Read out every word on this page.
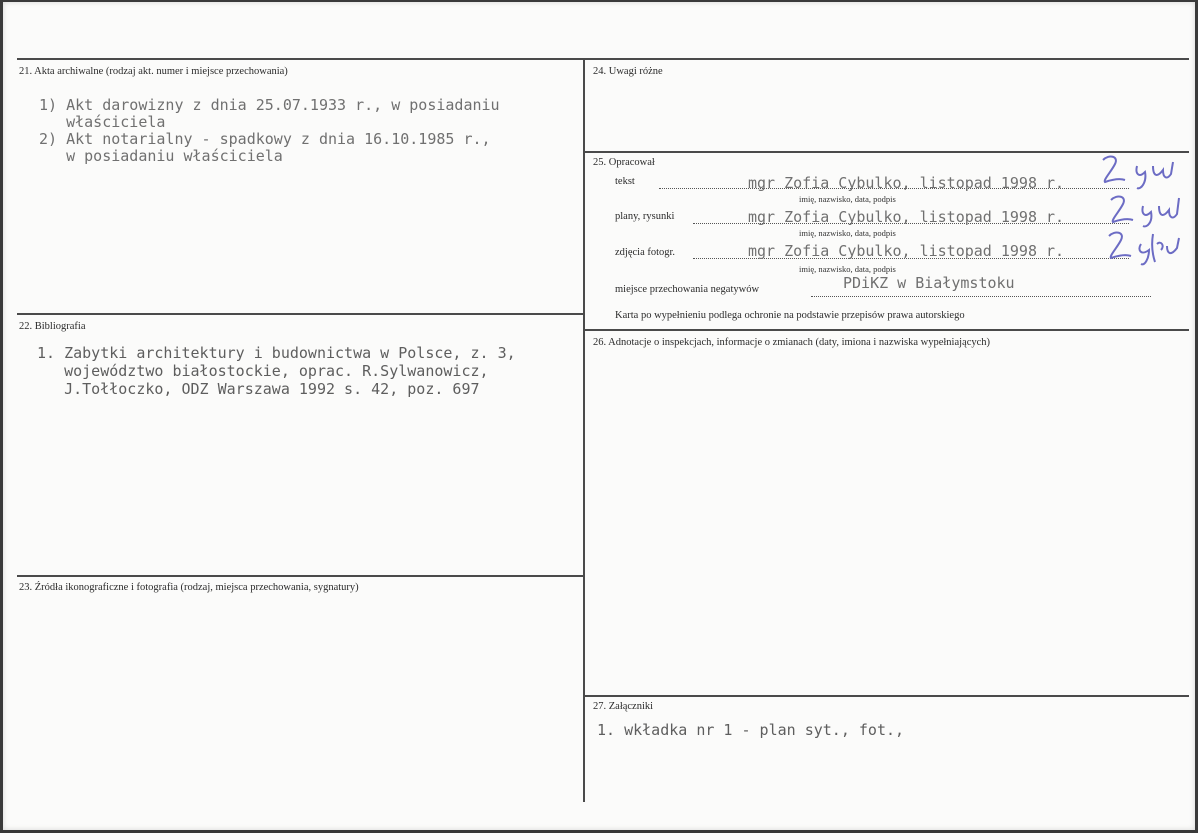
21. Akta archiwalne (rodzaj akt. numer i miejsce przechowania)
1) Akt darowizny z dnia 25.07.1933 r., w posiadaniu
właściciela
2) Akt notarialny - spadkowy z dnia 16.10.1985 r.,
w posiadaniu właściciela
22. Bibliografia
1. Zabytki architektury i budownictwa w Polsce, z. 3,
województwo białostockie, oprac. R.Sylwanowicz,
J.Tołłoczko, ODZ Warszawa 1992 s. 42, poz. 697
23. Źródła ikonograficzne i fotografia (rodzaj, miejsca przechowania, sygnatury)
24. Uwagi różne
25. Opracował
tekst	mgr Zofia Cybulko, listopad 1998 r.
imię, nazwisko, data, podpis
plany, rysunki	mgr Zofia Cybulko, listopad 1998 r.
imię, nazwisko, data, podpis
zdjęcia fotogr.	mgr Zofia Cybulko, listopad 1998 r.
imię, nazwisko, data, podpis
miejsce przechowania negatywów	PDiKZ w Białymstoku
Karta po wypełnieniu podlega ochronie na podstawie przepisów prawa autorskiego
26. Adnotacje o inspekcjach, informacje o zmianach (daty, imiona i nazwiska wypełniających)
27. Załączniki
1. wkładka nr 1 - plan syt., fot.,
